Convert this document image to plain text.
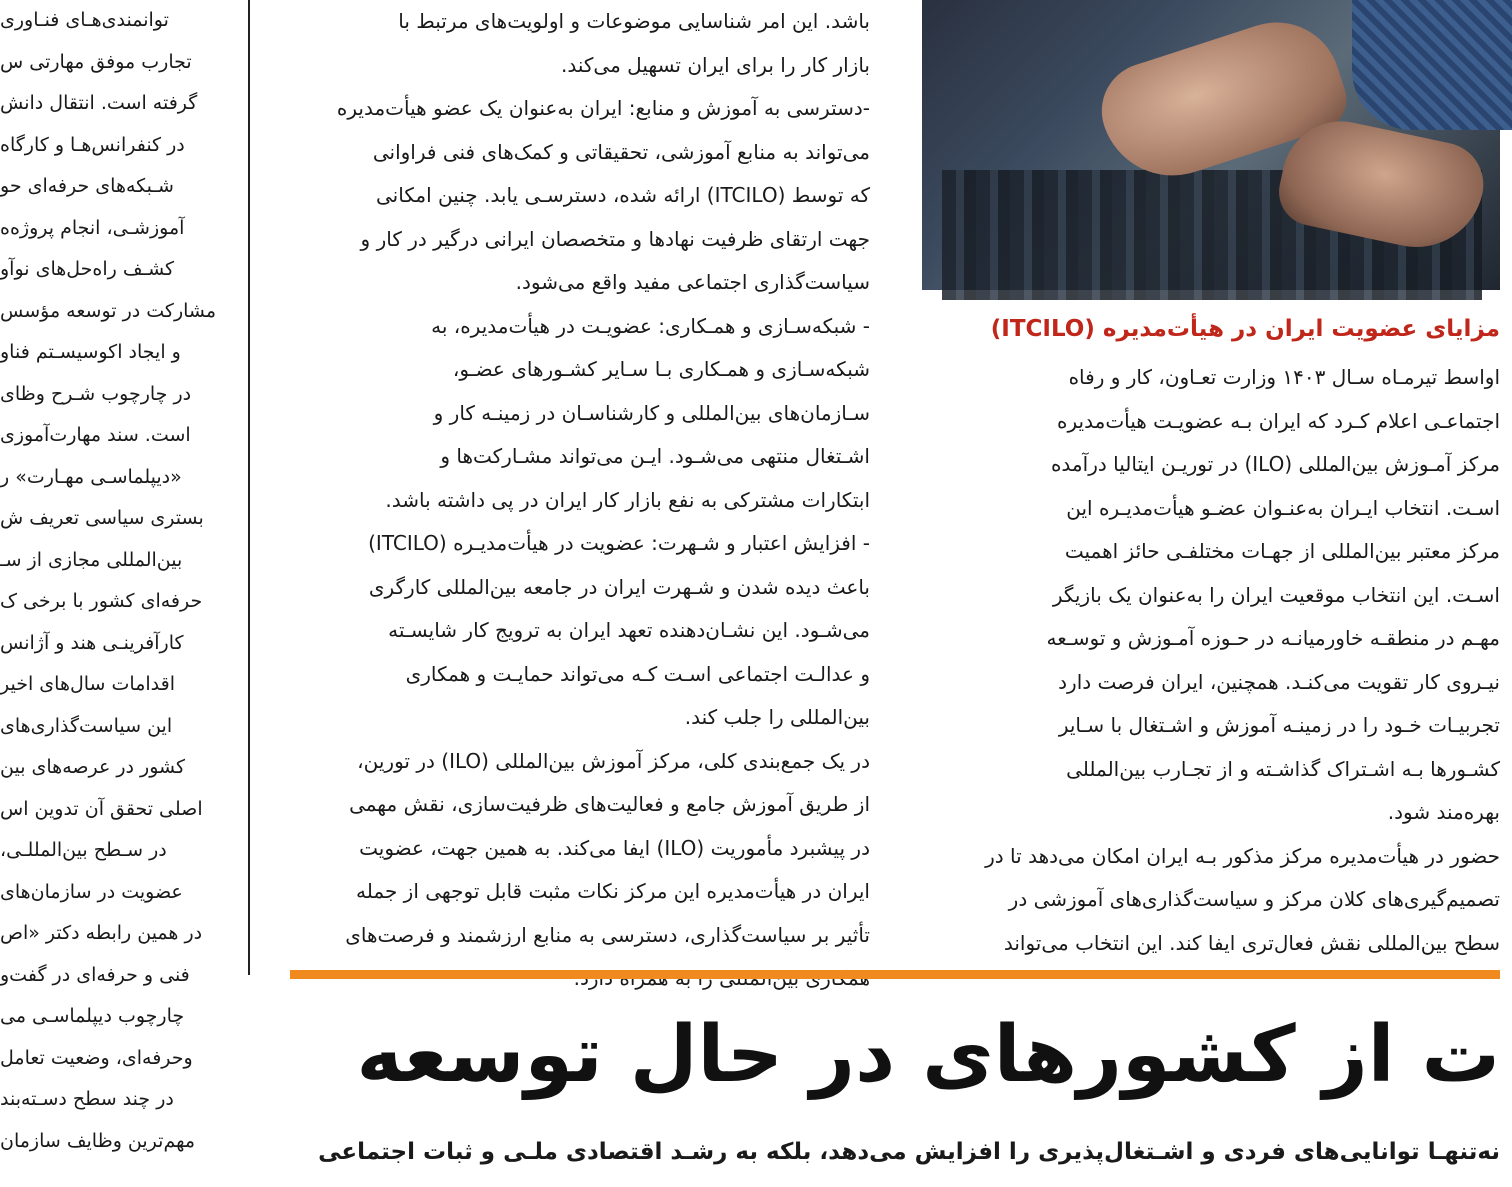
توانمندی‌هـای فنـاوری
تجارب موفق مهارتی س
گرفته است. انتقال دانش
در کنفرانس‌هـا و کارگاه
شـبکه‌های حرفه‌ای حو
آموزشـی، انجام پروژه‌ه
کشـف راه‌حل‌های نوآو
مشارکت در توسعه مؤسس
و ایجاد اکوسیسـتم فناو
در چارچوب شـرح وظای
است. سند مهارت‌آموزی
«دیپلماسـی مهـارت» ر
بستری سیاسی تعریف ش
بین‌المللی مجازی از سـ
حرفه‌ای کشور با برخی ک
کارآفرینـی هند و آژانس
اقدامات سال‌های اخیر
این سیاست‌گذاری‌های
کشور در عرصه‌های بین
اصلی تحقق آن تدوین اس
در سـطح بین‌المللـی،
عضویت در سازمان‌های
در همین رابطه دکتر «اص
فنی و حرفه‌ای در گفت‌و
چارچوب دیپلماسـی می
وحرفه‌ای، وضعیت تعامل
در چند سطح دسـته‌بند
مهم‌ترین وظایف سازمان
باشد. این امر شناسایی موضوعات و اولویت‌های مرتبط با
بازار کار را برای ایران تسهیل می‌کند.
-دسترسی به آموزش و منابع: ایران به‌عنوان یک عضو هیأت‌مدیره
می‌تواند به منابع آموزشی، تحقیقاتی و کمک‌های فنی فراوانی
که توسط (ITCILO) ارائه شده، دسترسـی یابد. چنین امکانی
جهت ارتقای ظرفیت نهادها و متخصصان ایرانی درگیر در کار و
سیاست‌گذاری اجتماعی مفید واقع می‌شود.
- شبکه‌سـازی و همـکاری: عضویـت در هیأت‌مدیره، به
شبکه‌سـازی و همـکاری بـا سـایر کشـورهای عضـو،
سـازمان‌های بین‌المللی و کارشناسـان در زمینـه کار و
اشـتغال منتهی می‌شـود. ایـن می‌تواند مشـارکت‌ها و
ابتکارات مشترکی به نفع بازار کار ایران در پی داشته باشد.
- افزایش اعتبار و شـهرت: عضویت در هیأت‌مدیـره (ITCILO)
باعث دیده شدن و شـهرت ایران در جامعه بین‌المللی کارگری
می‌شـود. این نشـان‌دهنده تعهد ایران به ترویج کار شایسـته
و عدالـت اجتماعی اسـت کـه می‌تواند حمایـت و همکاری
بین‌المللی را جلب کند.
در یک جمع‌بندی کلی، مرکز آموزش بین‌المللی (ILO) در تورین،
از طریق آموزش جامع و فعالیت‌های ظرفیت‌سازی، نقش مهمی
در پیشبرد مأموریت (ILO) ایفا می‌کند. به همین جهت، عضویت
ایران در هیأت‌مدیره این مرکز نکات مثبت قابل توجهی از جمله
تأثیر بر سیاست‌گذاری، دسترسی به منابع ارزشمند و فرصت‌های
مزایای عضویت ایران در هیأت‌مدیره (ITCILO)
اواسط تیرمـاه سـال ۱۴۰۳ وزارت تعـاون، کار و رفاه
اجتماعـی اعلام کـرد که ایران بـه عضویـت هیأت‌مدیره
مرکز آمـوزش بین‌المللی (ILO) در توریـن ایتالیا درآمده
اسـت. انتخاب ایـران به‌عنـوان عضـو هیأت‌مدیـره این
مرکز معتبر بین‌المللی از جهـات مختلفـی حائز اهمیت
اسـت. این انتخاب موقعیت ایران را به‌عنوان یک بازیگر
مهـم در منطقـه خاورمیانـه در حـوزه آمـوزش و توسـعه
نیـروی کار تقویت می‌کنـد. همچنین، ایران فرصت دارد
تجربیـات خـود را در زمینـه آموزش و اشـتغال با سـایر
کشـورها بـه اشـتراک گذاشـته و از تجـارب بین‌المللی
بهره‌مند شود.
حضور در هیأت‌مدیره مرکز مذکور بـه ایران امکان می‌دهد تا در
تصمیم‌گیری‌های کلان مرکز و سیاست‌گذاری‌های آموزشی در
سطح بین‌المللی نقش فعال‌تری ایفا کند. این انتخاب می‌تواند
ت از کشورهای در حال توسعه
نه‌تنهـا توانایی‌های فردی و اشـتغال‌پذیری را افزایش می‌دهد، بلکه به رشـد اقتصادی ملـی و ثبات اجتماعی
